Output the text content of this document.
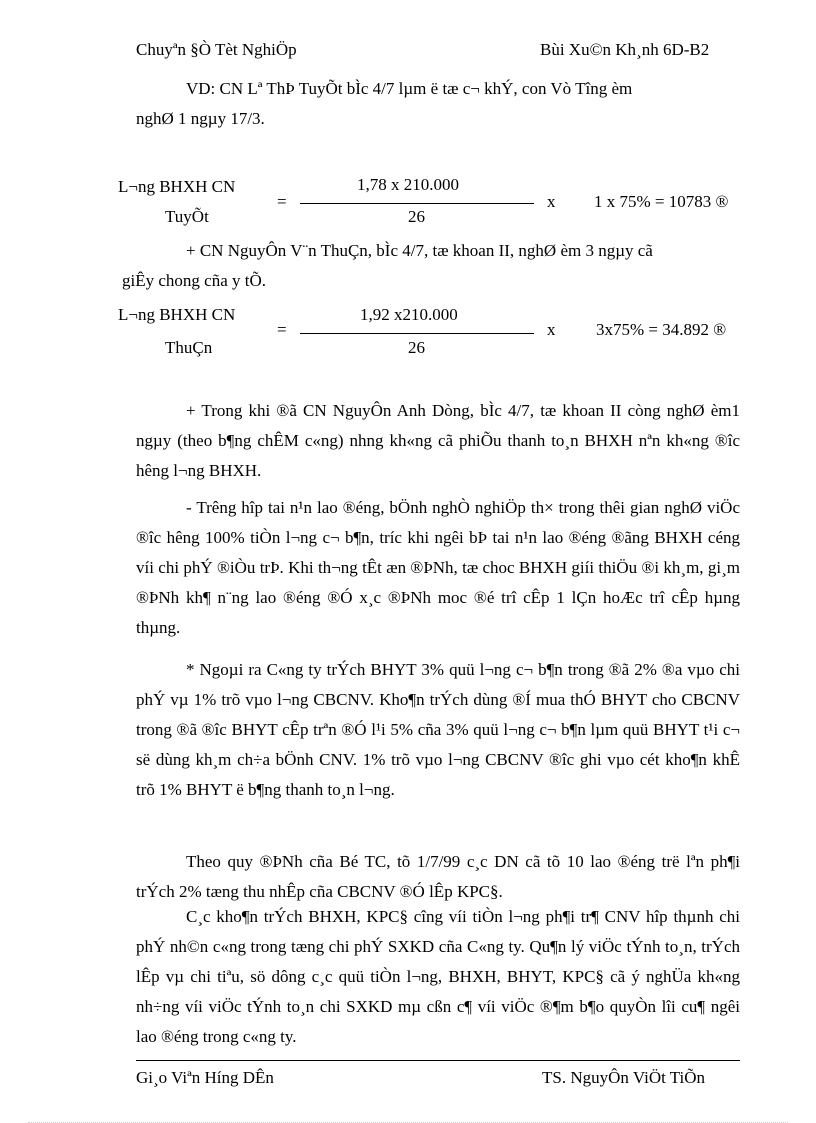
Chuyªn §Ò Tèt NghiÖp	Bùi Xu©n Kh¸nh 6D-B2
VD: CN Lª ThÞ TuyÕt bÌc 4/7 lµm ë tæ c¬ khÝ, con Vò Tîng èm
nghØ 1 ngµy 17/3.
L¬ng BHXH CN
TuyÕt
=
1,78 x 210.000
26
x 1 x 75% = 10783 ®
+ CN NguyÔn V¨n ThuÇn, bÌc 4/7, tæ khoan II, nghØ èm 3 ngµy cã
giÊy chong cña y tÕ.
L¬ng BHXH CN
ThuÇn
=
1,92 x210.000
26
x 3x75% = 34.892 ®
+ Trong khi ®ã CN NguyÔn Anh Dòng, bÌc 4/7, tæ khoan II còng nghØ èm1 ngµy (theo b¶ng chÊM c«ng) nhng kh«ng cã phiÕu thanh to¸n BHXH nªn kh«ng ®îc hêng l¬ng BHXH.
- Trêng hîp tai n¹n lao ®éng, bÖnh nghÒ nghiÖp th× trong thêi gian nghØ viÖc ®îc hêng 100% tiÒn l¬ng c¬ b¶n, tríc khi ngêi bÞ tai n¹n lao ®éng ®ãng BHXH céng víi chi phÝ ®iÒu trÞ. Khi th¬ng tÊt æn ®ÞNh, tæ choc BHXH giíi thiÖu ®i kh¸m, gi¸m ®ÞNh kh¶ n¨ng lao ®éng ®Ó x¸c ®ÞNh moc ®é trî cÊp 1 lÇn hoÆc trî cÊp hµng thµng.
* Ngoµi ra C«ng ty trÝch BHYT 3% quü l¬ng c¬ b¶n trong ®ã 2% ®a vµo chi phÝ vµ 1% trõ vµo l¬ng CBCNV. Kho¶n trÝch dùng ®Í mua thÓ BHYT cho CBCNV trong ®ã ®îc BHYT cÊp trªn ®Ó l¹i 5% cña 3% quü l¬ng c¬ b¶n lµm quü BHYT t¹i c¬ së dùng kh¸m ch÷a bÖnh CNV. 1% trõ vµo l¬ng CBCNV ®îc ghi vµo cét kho¶n khÊ trõ 1% BHYT ë b¶ng thanh to¸n l¬ng.
Theo quy ®ÞNh cña Bé TC, tõ 1/7/99 c¸c DN cã tõ 10 lao ®éng trë lªn ph¶i trÝch 2% tæng thu nhÊp cña CBCNV ®Ó lÊp KPC§.
C¸c kho¶n trÝch BHXH, KPC§ cîng víi tiÒn l¬ng ph¶i tr¶ CNV hîp thµnh chi phÝ nh©n c«ng trong tæng chi phÝ SXKD cña C«ng ty. Qu¶n lý viÖc tÝnh to¸n, trÝch lÊp vµ chi tiªu, sö dông c¸c quü tiÒn l¬ng, BHXH, BHYT, KPC§ cã ý nghÜa kh«ng nh÷ng víi viÖc tÝnh to¸n chi SXKD mµ cßn c¶ víi viÖc ®¶m b¶o quyÒn lîi cu¶ ngêi lao ®éng trong c«ng ty.
Gi¸o Viªn Híng DÊn	TS. NguyÔn ViÖt TiÕn
